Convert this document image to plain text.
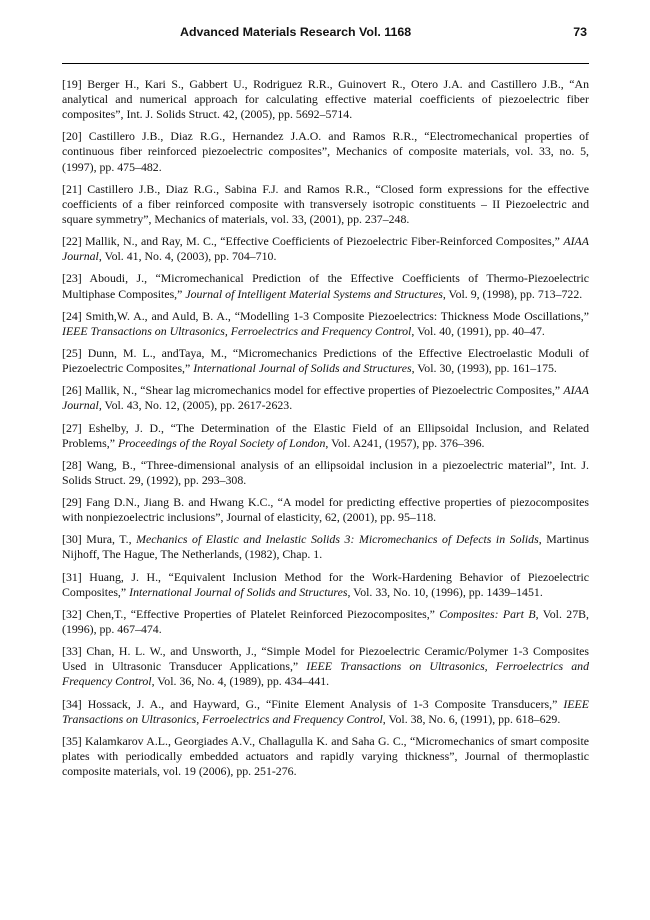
Advanced Materials Research Vol. 1168	73

[19] Berger H., Kari S., Gabbert U., Rodriguez R.R., Guinovert R., Otero J.A. and Castillero J.B., “An analytical and numerical approach for calculating effective material coefficients of piezoelectric fiber composites”, Int. J. Solids Struct. 42, (2005), pp. 5692–5714.

[20] Castillero J.B., Diaz R.G., Hernandez J.A.O. and Ramos R.R., “Electromechanical properties of continuous fiber reinforced piezoelectric composites”, Mechanics of composite materials, vol. 33, no. 5, (1997), pp. 475–482.

[21] Castillero J.B., Diaz R.G., Sabina F.J. and Ramos R.R., “Closed form expressions for the effective coefficients of a fiber reinforced composite with transversely isotropic constituents – II Piezoelectric and square symmetry”, Mechanics of materials, vol. 33, (2001), pp. 237–248.

[22] Mallik, N., and Ray, M. C., “Effective Coefficients of Piezoelectric Fiber-Reinforced Composites,” AIAA Journal, Vol. 41, No. 4, (2003), pp. 704–710.

[23] Aboudi, J., “Micromechanical Prediction of the Effective Coefficients of Thermo-Piezoelectric Multiphase Composites,” Journal of Intelligent Material Systems and Structures, Vol. 9, (1998), pp. 713–722.

[24] Smith,W. A., and Auld, B. A., “Modelling 1-3 Composite Piezoelectrics: Thickness Mode Oscillations,” IEEE Transactions on Ultrasonics, Ferroelectrics and Frequency Control, Vol. 40, (1991), pp. 40–47.

[25] Dunn, M. L., andTaya, M., “Micromechanics Predictions of the Effective Electroelastic Moduli of Piezoelectric Composites,” International Journal of Solids and Structures, Vol. 30, (1993), pp. 161–175.

[26] Mallik, N., “Shear lag micromechanics model for effective properties of Piezoelectric Composites,” AIAA Journal, Vol. 43, No. 12, (2005), pp. 2617-2623.

[27] Eshelby, J. D., “The Determination of the Elastic Field of an Ellipsoidal Inclusion, and Related Problems,” Proceedings of the Royal Society of London, Vol. A241, (1957), pp. 376–396.

[28] Wang, B., “Three-dimensional analysis of an ellipsoidal inclusion in a piezoelectric material”, Int. J. Solids Struct. 29, (1992), pp. 293–308.

[29] Fang D.N., Jiang B. and Hwang K.C., “A model for predicting effective properties of piezocomposites with nonpiezoelectric inclusions”, Journal of elasticity, 62, (2001), pp. 95–118.

[30] Mura, T., Mechanics of Elastic and Inelastic Solids 3: Micromechanics of Defects in Solids, Martinus Nijhoff, The Hague, The Netherlands, (1982), Chap. 1.

[31] Huang, J. H., “Equivalent Inclusion Method for the Work-Hardening Behavior of Piezoelectric Composites,” International Journal of Solids and Structures, Vol. 33, No. 10, (1996), pp. 1439–1451.

[32] Chen,T., “Effective Properties of Platelet Reinforced Piezocomposites,” Composites: Part B, Vol. 27B, (1996), pp. 467–474.

[33] Chan, H. L. W., and Unsworth, J., “Simple Model for Piezoelectric Ceramic/Polymer 1-3 Composites Used in Ultrasonic Transducer Applications,” IEEE Transactions on Ultrasonics, Ferroelectrics and Frequency Control, Vol. 36, No. 4, (1989), pp. 434–441.

[34] Hossack, J. A., and Hayward, G., “Finite Element Analysis of 1-3 Composite Transducers,” IEEE Transactions on Ultrasonics, Ferroelectrics and Frequency Control, Vol. 38, No. 6, (1991), pp. 618–629.

[35] Kalamkarov A.L., Georgiades A.V., Challagulla K. and Saha G. C., “Micromechanics of smart composite plates with periodically embedded actuators and rapidly varying thickness”, Journal of thermoplastic composite materials, vol. 19 (2006), pp. 251-276.
